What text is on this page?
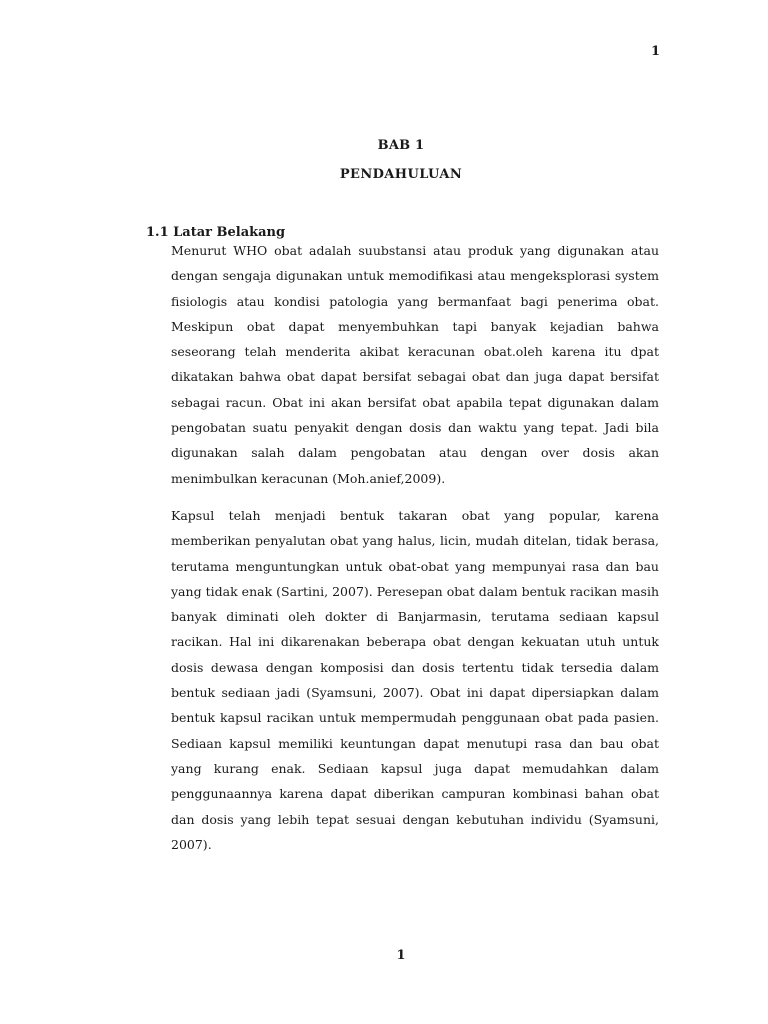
1
BAB 1
PENDAHULUAN
1.1 Latar Belakang

Menurut WHO obat adalah suubstansi atau produk yang digunakan atau dengan sengaja digunakan untuk memodifikasi atau mengeksplorasi system fisiologis atau kondisi patologia yang bermanfaat bagi penerima obat. Meskipun obat dapat menyembuhkan tapi banyak kejadian bahwa seseorang telah menderita akibat keracunan obat.oleh karena itu dpat dikatakan bahwa obat dapat bersifat sebagai obat dan juga dapat bersifat sebagai racun. Obat ini akan bersifat obat apabila tepat digunakan dalam pengobatan suatu penyakit dengan dosis dan waktu yang tepat. Jadi bila digunakan salah dalam pengobatan atau dengan over dosis akan menimbulkan keracunan (Moh.anief,2009).

Kapsul telah menjadi bentuk takaran obat yang popular, karena memberikan penyalutan obat yang halus, licin, mudah ditelan, tidak berasa, terutama menguntungkan untuk obat-obat yang mempunyai rasa dan bau yang tidak enak (Sartini, 2007). Peresepan obat dalam bentuk racikan masih banyak diminati oleh dokter di Banjarmasin, terutama sediaan kapsul racikan. Hal ini dikarenakan beberapa obat dengan kekuatan utuh untuk dosis dewasa dengan komposisi dan dosis tertentu tidak tersedia dalam bentuk sediaan jadi (Syamsuni, 2007). Obat ini dapat dipersiapkan dalam bentuk kapsul racikan untuk mempermudah penggunaan obat pada pasien. Sediaan kapsul memiliki keuntungan dapat menutupi rasa dan bau obat yang kurang enak. Sediaan kapsul juga dapat memudahkan dalam penggunaannya karena dapat diberikan campuran kombinasi bahan obat dan dosis yang lebih tepat sesuai dengan kebutuhan individu (Syamsuni, 2007).

1
